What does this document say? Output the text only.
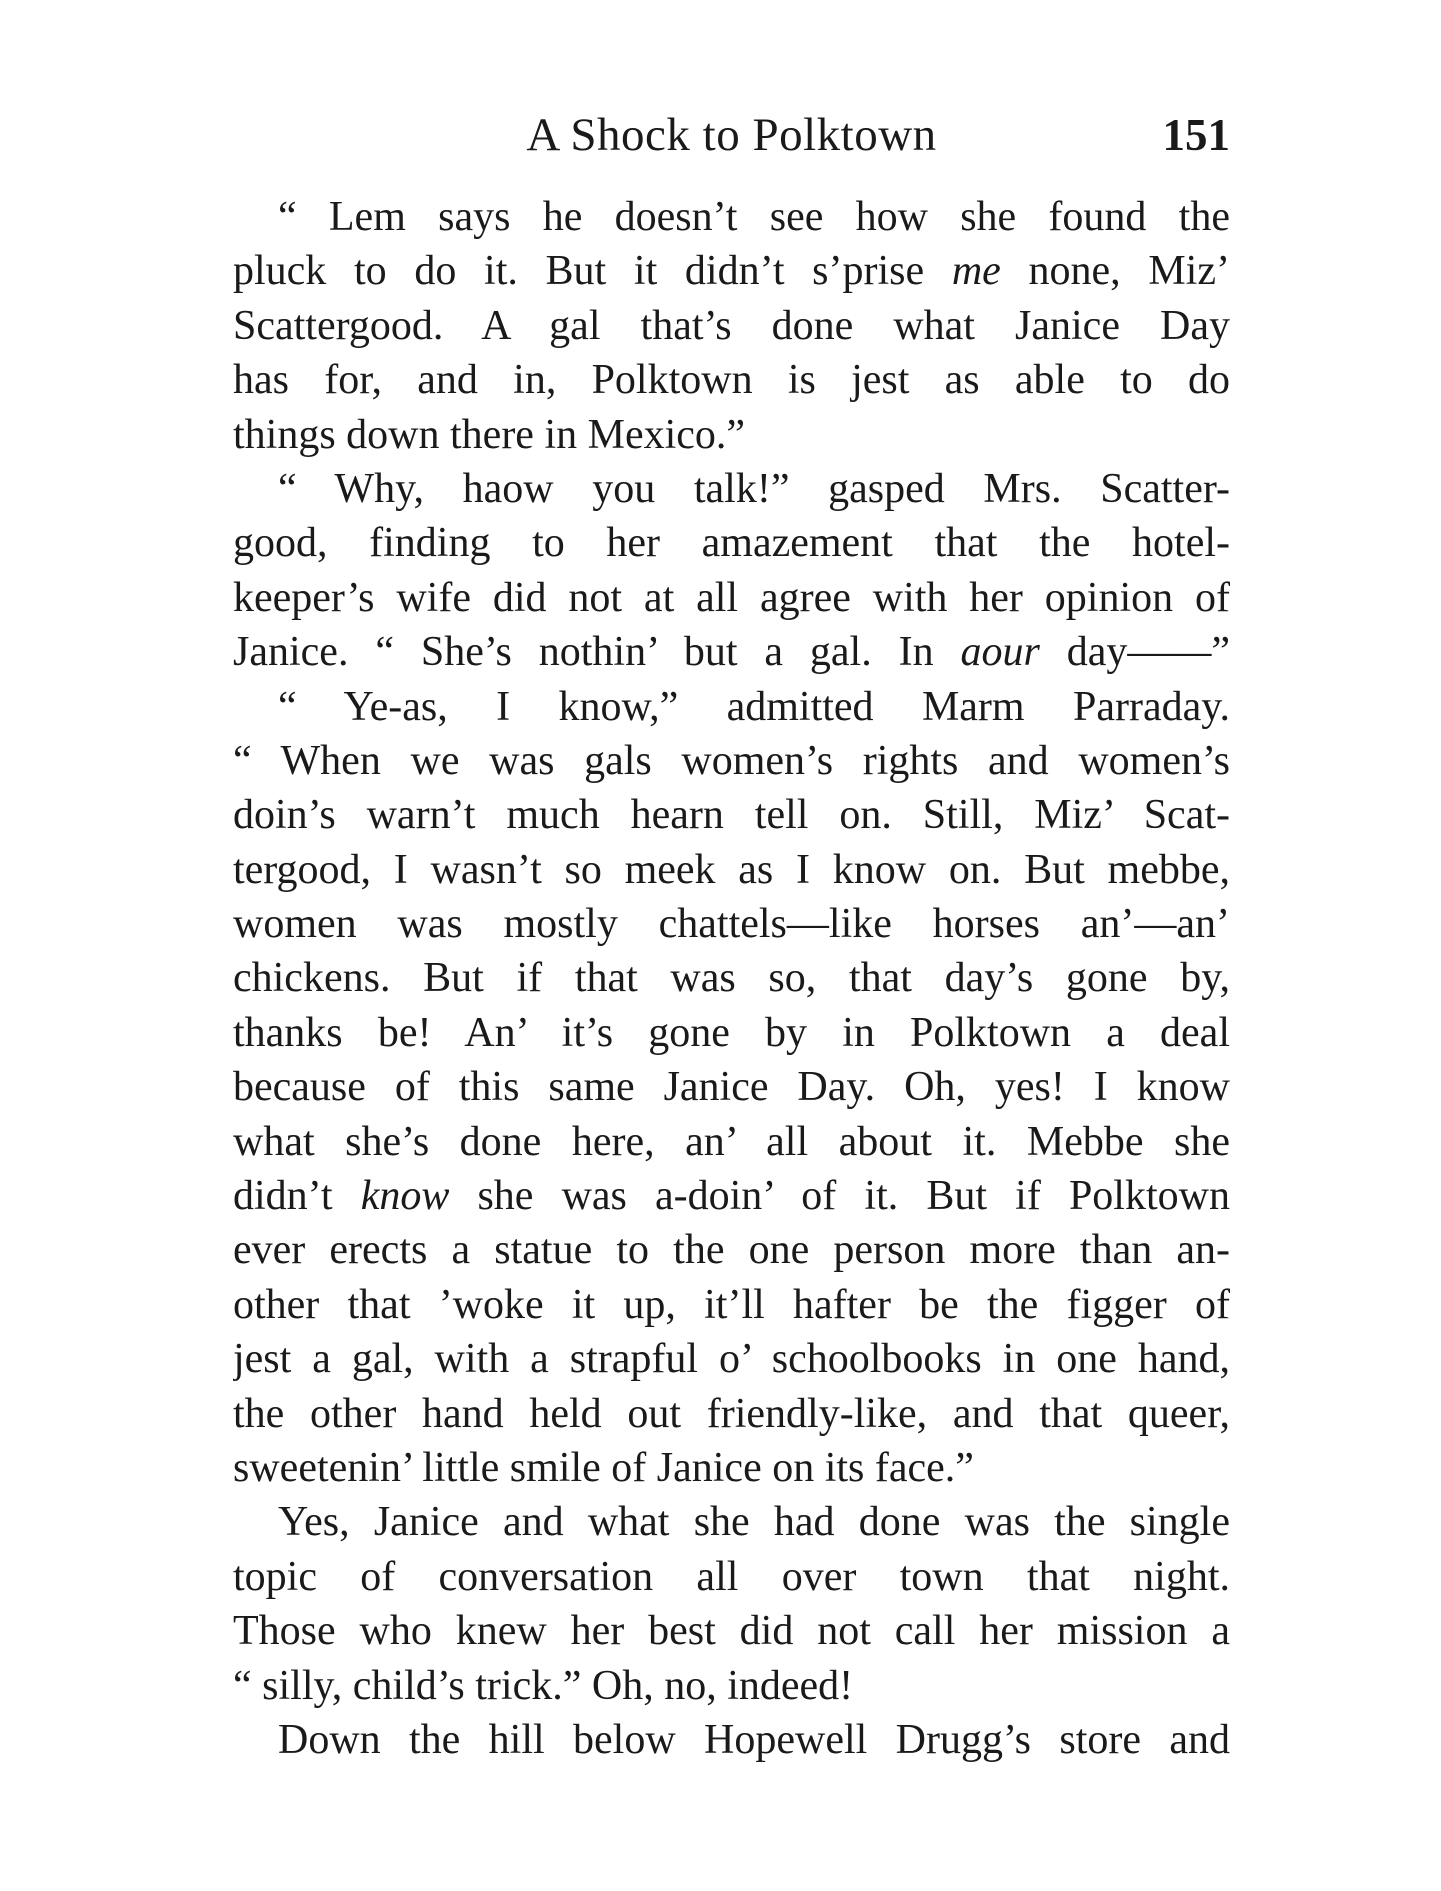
A Shock to Polktown	151
“ Lem says he doesn’t see how she found the
pluck to do it. But it didn’t s’prise me none, Miz’
Scattergood. A gal that’s done what Janice Day
has for, and in, Polktown is jest as able to do
things down there in Mexico.”
“ Why, haow you talk!” gasped Mrs. Scatter-
good, finding to her amazement that the hotel-
keeper’s wife did not at all agree with her opinion of
Janice. “ She’s nothin’ but a gal. In aour day——”
“ Ye-as, I know,” admitted Marm Parraday.
“ When we was gals women’s rights and women’s
doin’s warn’t much hearn tell on. Still, Miz’ Scat-
tergood, I wasn’t so meek as I know on. But mebbe,
women was mostly chattels—like horses an’—an’
chickens. But if that was so, that day’s gone by,
thanks be! An’ it’s gone by in Polktown a deal
because of this same Janice Day. Oh, yes! I know
what she’s done here, an’ all about it. Mebbe she
didn’t know she was a-doin’ of it. But if Polktown
ever erects a statue to the one person more than an-
other that ’woke it up, it’ll hafter be the figger of
jest a gal, with a strapful o’ schoolbooks in one hand,
the other hand held out friendly-like, and that queer,
sweetenin’ little smile of Janice on its face.”
Yes, Janice and what she had done was the single
topic of conversation all over town that night.
Those who knew her best did not call her mission a
“ silly, child’s trick.” Oh, no, indeed!
Down the hill below Hopewell Drugg’s store and
